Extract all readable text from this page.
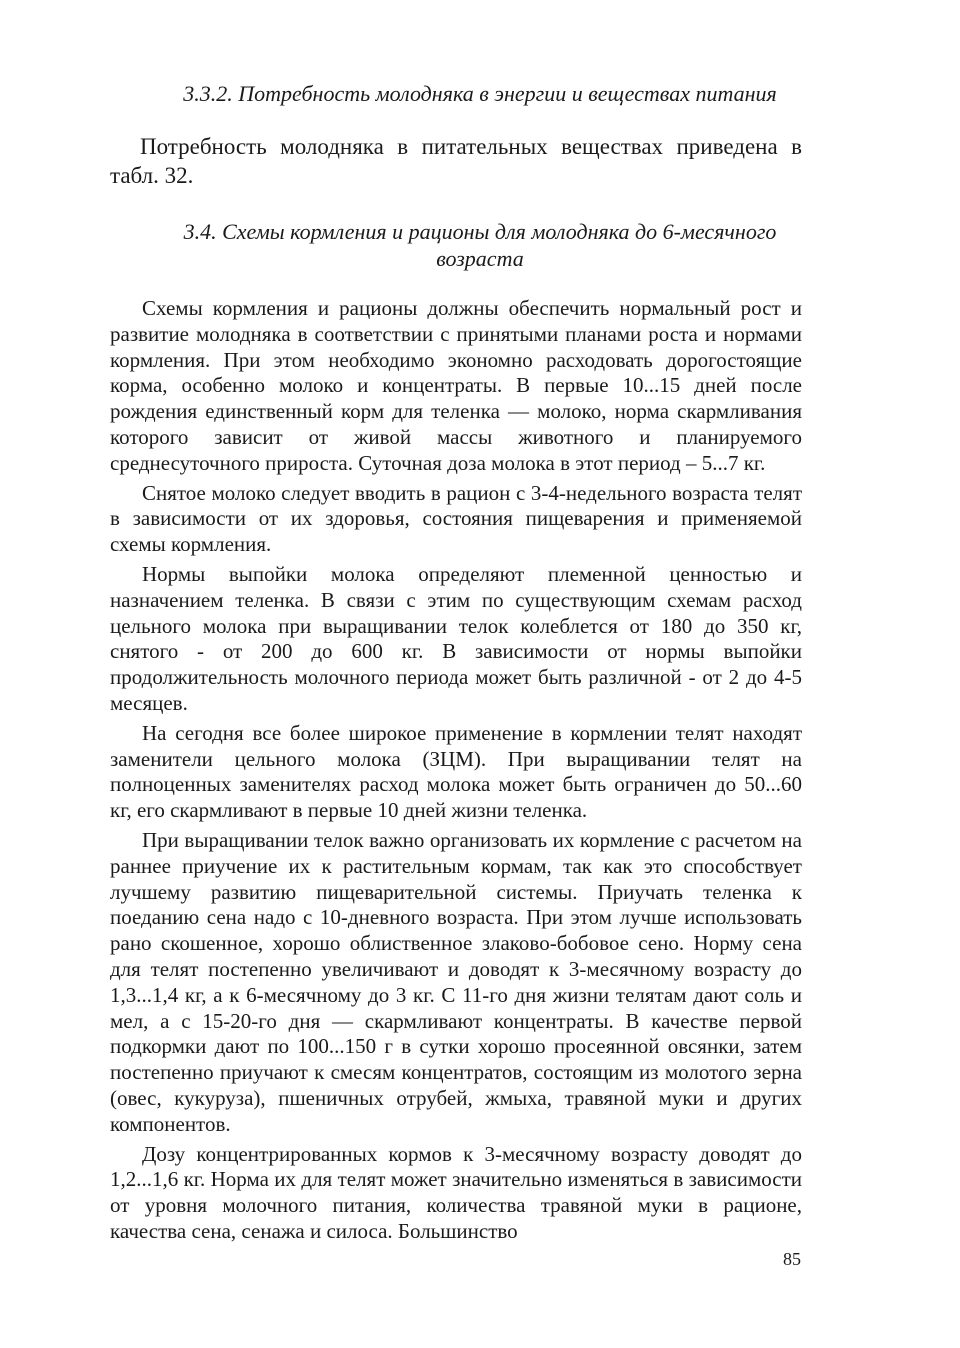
3.3.2. Потребность молодняка в энергии и веществах питания
Потребность молодняка в питательных веществах приведена в табл. 32.
3.4. Схемы кормления и рационы для молодняка до 6-месячного
возраста

Схемы кормления и рационы должны обеспечить нормальный рост и развитие молодняка в соответствии с принятыми планами роста и нормами кормления. При этом необходимо экономно расходовать дорогостоящие корма, особенно молоко и концентраты. В первые 10...15 дней после рождения единственный корм для теленка — молоко, норма скармливания которого зависит от живой массы животного и планируемого среднесуточного прироста. Суточная доза молока в этот период – 5...7 кг.

Снятое молоко следует вводить в рацион с 3-4-недельного возраста телят в зависимости от их здоровья, состояния пищеварения и применяемой схемы кормления.

Нормы выпойки молока определяют племенной ценностью и назначением теленка. В связи с этим по существующим схемам расход цельного молока при выращивании телок колеблется от 180 до 350 кг, снятого - от 200 до 600 кг. В зависимости от нормы выпойки продолжительность молочного периода может быть различной - от 2 до 4-5 месяцев.

На сегодня все более широкое применение в кормлении телят находят заменители цельного молока (ЗЦМ). При выращивании телят на полноценных заменителях расход молока может быть ограничен до 50...60 кг, его скармливают в первые 10 дней жизни теленка.

При выращивании телок важно организовать их кормление с расчетом на раннее приучение их к растительным кормам, так как это способствует лучшему развитию пищеварительной системы. Приучать теленка к поеданию сена надо с 10-дневного возраста. При этом лучше использовать рано скошенное, хорошо облиственное злаково-бобовое сено. Норму сена для телят постепенно увеличивают и доводят к 3-месячному возрасту до 1,3...1,4 кг, а к 6-месячному до 3 кг. С 11-го дня жизни телятам дают соль и мел, а с 15-20-го дня — скармливают концентраты. В качестве первой подкормки дают по 100...150 г в сутки хорошо просеянной овсянки, затем постепенно приучают к смесям концентратов, состоящим из молотого зерна (овес, кукуруза), пшеничных отрубей, жмыха, травяной муки и других компонентов.

Дозу концентрированных кормов к 3-месячному возрасту доводят до 1,2...1,6 кг. Норма их для телят может значительно изменяться в зависимости от уровня молочного питания, количества травяной муки в рационе, качества сена, сенажа и силоса. Большинство

85
